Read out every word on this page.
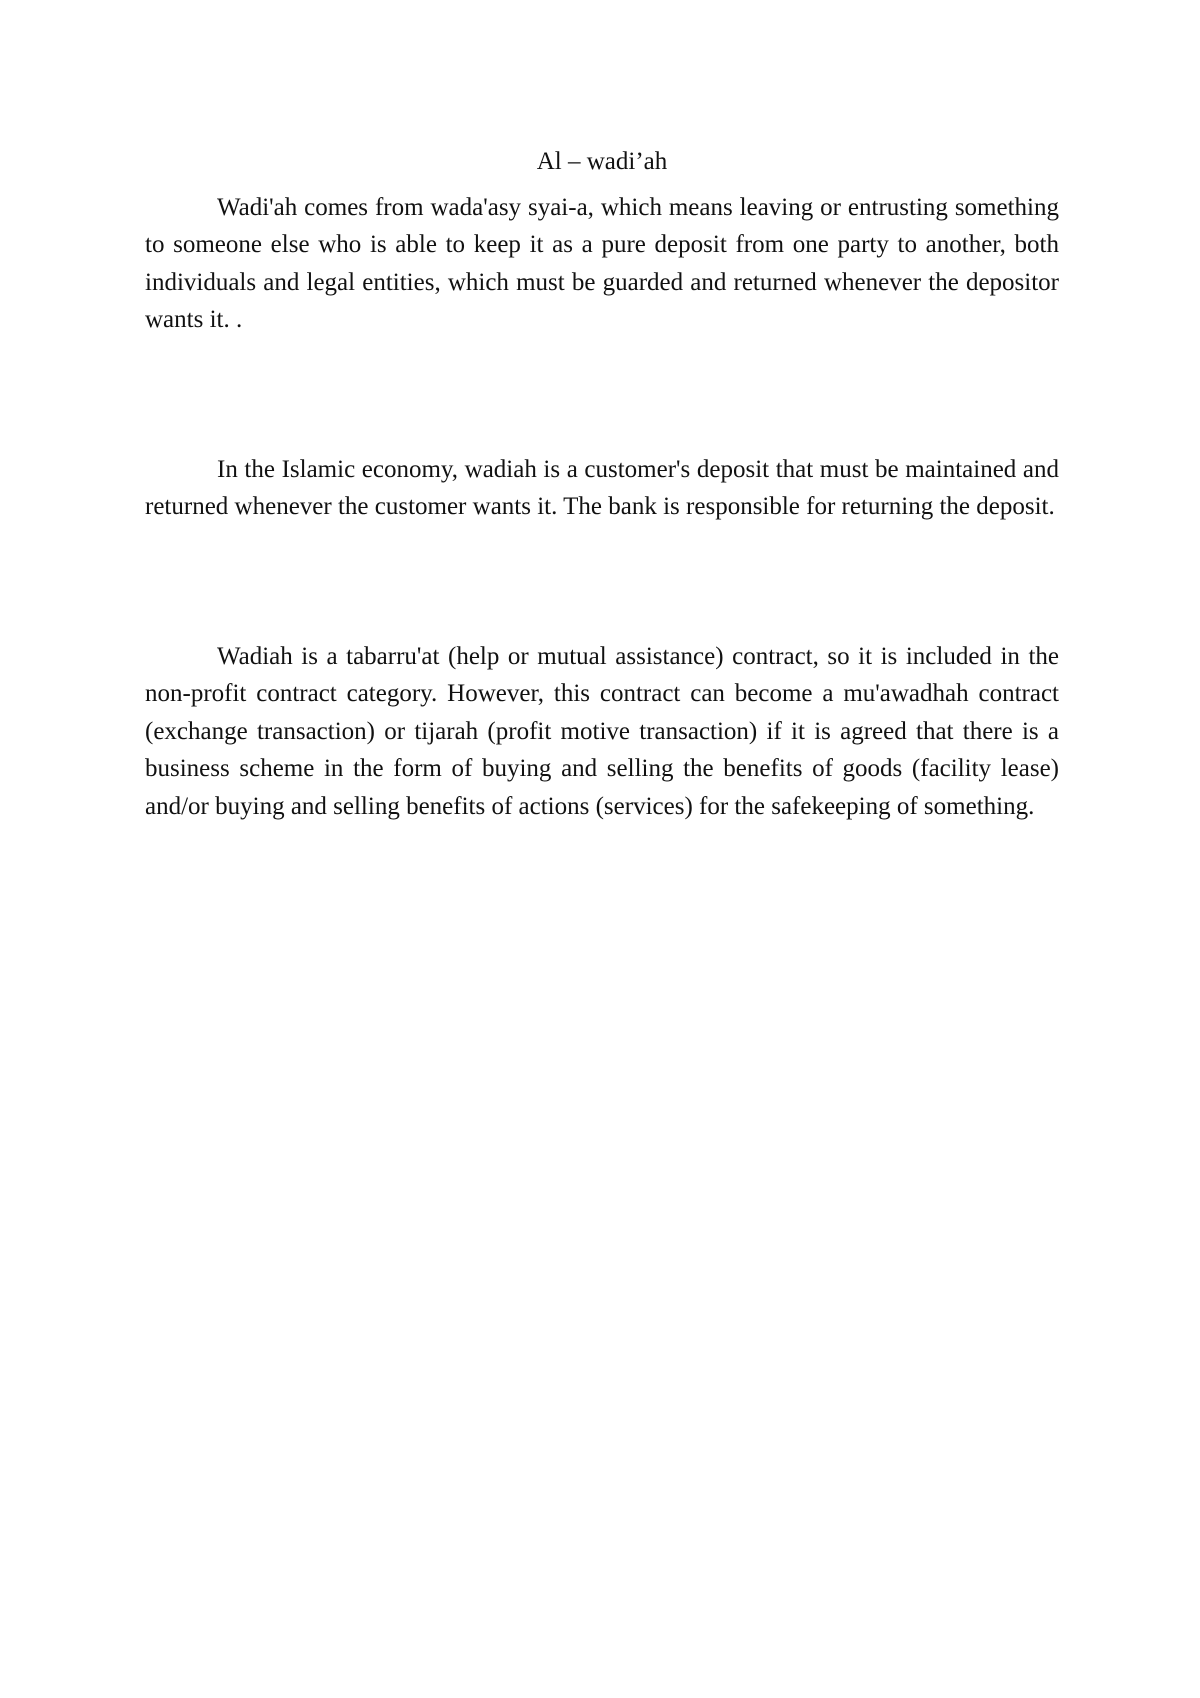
Al – wadi’ah

Wadi'ah comes from wada'asy syai-a, which means leaving or entrusting something to someone else who is able to keep it as a pure deposit from one party to another, both individuals and legal entities, which must be guarded and returned whenever the depositor wants it. .

In the Islamic economy, wadiah is a customer's deposit that must be maintained and returned whenever the customer wants it. The bank is responsible for returning the deposit.

Wadiah is a tabarru'at (help or mutual assistance) contract, so it is included in the non-profit contract category. However, this contract can become a mu'awadhah contract (exchange transaction) or tijarah (profit motive transaction) if it is agreed that there is a business scheme in the form of buying and selling the benefits of goods (facility lease) and/or buying and selling benefits of actions (services) for the safekeeping of something.
